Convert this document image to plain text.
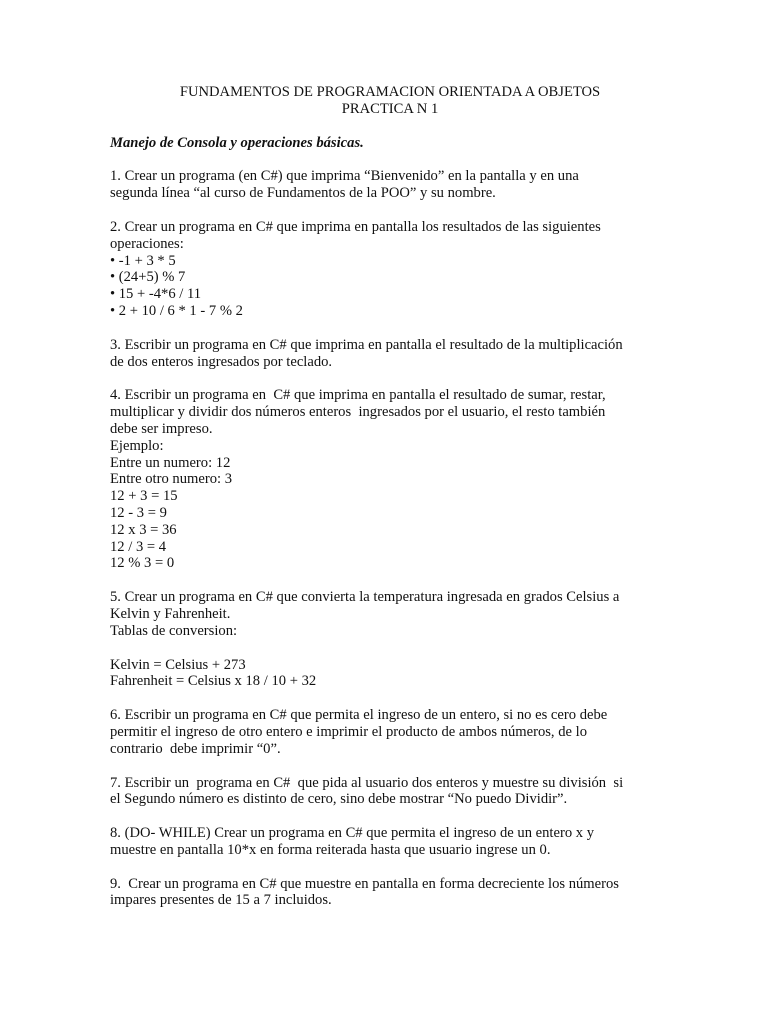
FUNDAMENTOS DE PROGRAMACION ORIENTADA A OBJETOS

PRACTICA N 1

Manejo de Consola y operaciones básicas.

1. Crear un programa (en C#) que imprima “Bienvenido” en la pantalla y en una
segunda línea “al curso de Fundamentos de la POO” y su nombre.
2. Crear un programa en C# que imprima en pantalla los resultados de las siguientes
operaciones:
• -1 + 3 * 5
• (24+5) % 7
• 15 + -4*6 / 11
• 2 + 10 / 6 * 1 - 7 % 2
3. Escribir un programa en C# que imprima en pantalla el resultado de la multiplicación
de dos enteros ingresados por teclado.
4. Escribir un programa en  C# que imprima en pantalla el resultado de sumar, restar,
multiplicar y dividir dos números enteros  ingresados por el usuario, el resto también
debe ser impreso.
Ejemplo:
Entre un numero: 12
Entre otro numero: 3
12 + 3 = 15
12 - 3 = 9
12 x 3 = 36
12 / 3 = 4
12 % 3 = 0
5. Crear un programa en C# que convierta la temperatura ingresada en grados Celsius a
Kelvin y Fahrenheit.
Tablas de conversion:
Kelvin = Celsius + 273
Fahrenheit = Celsius x 18 / 10 + 32
6. Escribir un programa en C# que permita el ingreso de un entero, si no es cero debe
permitir el ingreso de otro entero e imprimir el producto de ambos números, de lo
contrario  debe imprimir “0”.
7. Escribir un  programa en C#  que pida al usuario dos enteros y muestre su división  si
el Segundo número es distinto de cero, sino debe mostrar “No puedo Dividir”.
8. (DO- WHILE) Crear un programa en C# que permita el ingreso de un entero x y
muestre en pantalla 10*x en forma reiterada hasta que usuario ingrese un 0.
9.  Crear un programa en C# que muestre en pantalla en forma decreciente los números
impares presentes de 15 a 7 incluidos.
